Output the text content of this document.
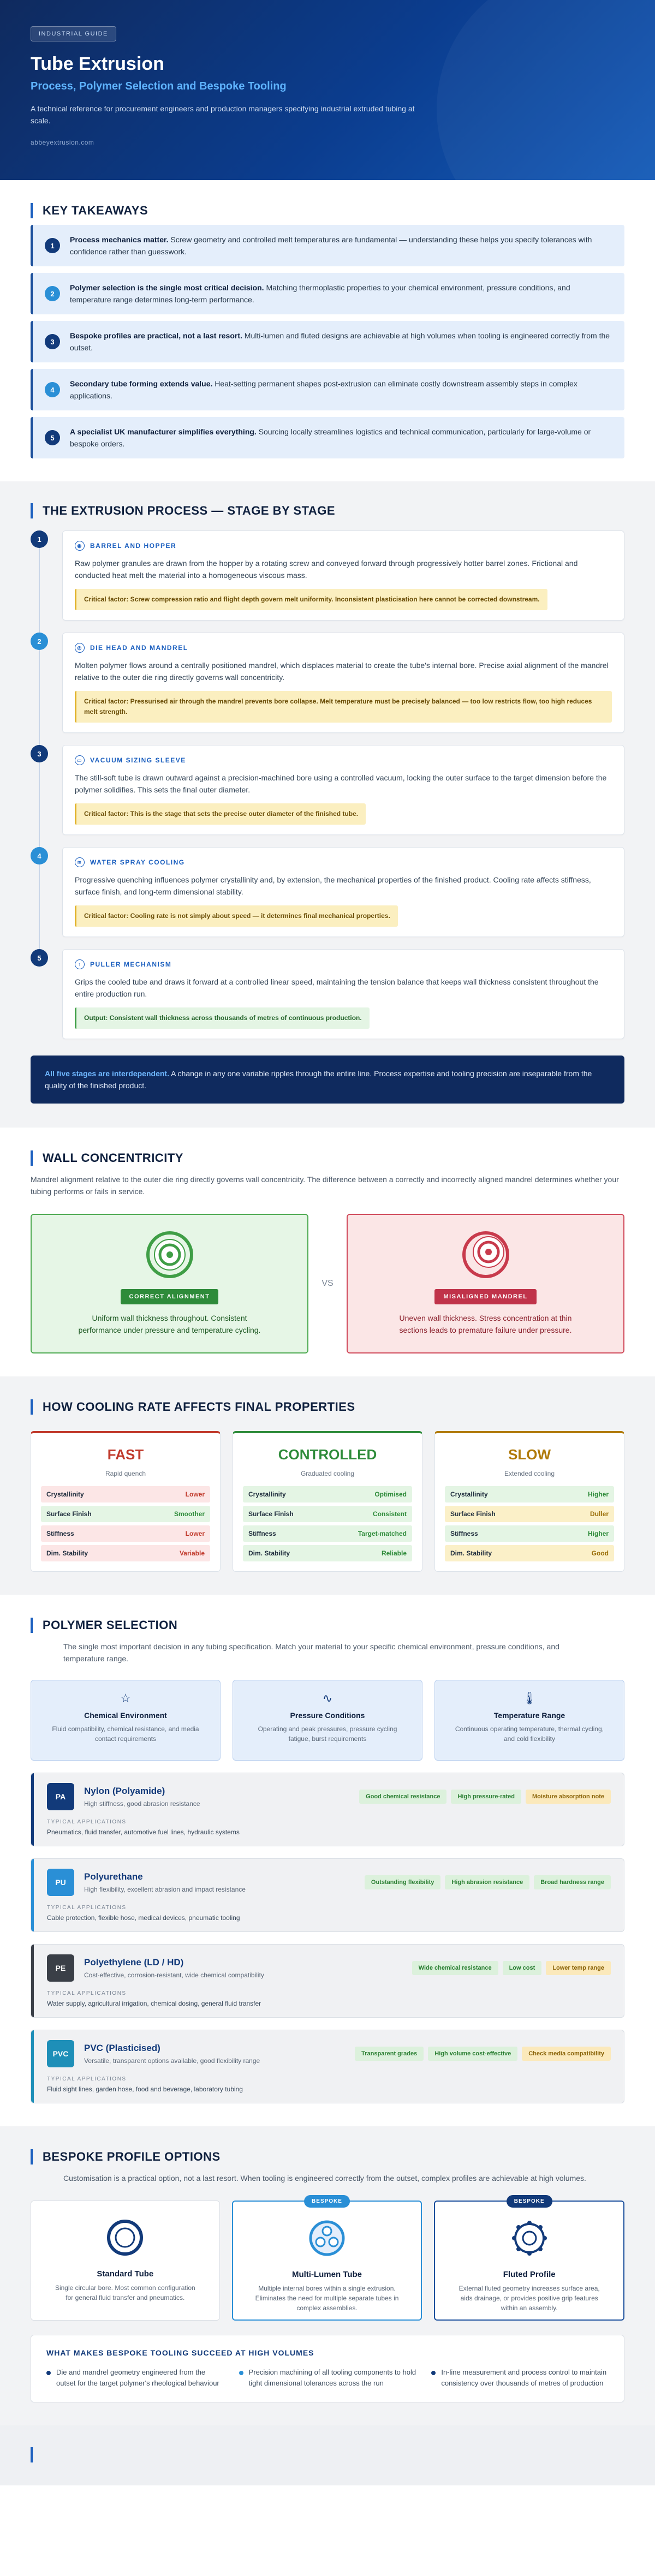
INDUSTRIAL GUIDE
Tube Extrusion
Process, Polymer Selection and Bespoke Tooling

A technical reference for procurement engineers and production managers specifying industrial extruded tubing at scale.

abbeyextrusion.com
KEY TAKEAWAYS
1
Process mechanics matter. Screw geometry and controlled melt temperatures are fundamental — understanding these helps you specify tolerances with confidence rather than guesswork.
2
Polymer selection is the single most critical decision. Matching thermoplastic properties to your chemical environment, pressure conditions, and temperature range determines long-term performance.
3
Bespoke profiles are practical, not a last resort. Multi-lumen and fluted designs are achievable at high volumes when tooling is engineered correctly from the outset.
4
Secondary tube forming extends value. Heat-setting permanent shapes post-extrusion can eliminate costly downstream assembly steps in complex applications.
5
A specialist UK manufacturer simplifies everything. Sourcing locally streamlines logistics and technical communication, particularly for large-volume or bespoke orders.
THE EXTRUSION PROCESS — STAGE BY STAGE
1
◉	BARREL AND HOPPER

Raw polymer granules are drawn from the hopper by a rotating screw and conveyed forward through progressively hotter barrel zones. Frictional and conducted heat melt the material into a homogeneous viscous mass.

Critical factor: Screw compression ratio and flight depth govern melt uniformity. Inconsistent plasticisation here cannot be corrected downstream.
2
◎	DIE HEAD AND MANDREL

Molten polymer flows around a centrally positioned mandrel, which displaces material to create the tube's internal bore. Precise axial alignment of the mandrel relative to the outer die ring directly governs wall concentricity.

Critical factor: Pressurised air through the mandrel prevents bore collapse. Melt temperature must be precisely balanced — too low restricts flow, too high reduces melt strength.
3
▭	VACUUM SIZING SLEEVE

The still-soft tube is drawn outward against a precision-machined bore using a controlled vacuum, locking the outer surface to the target dimension before the polymer solidifies. This sets the final outer diameter.

Critical factor: This is the stage that sets the precise outer diameter of the finished tube.
4
≋	WATER SPRAY COOLING

Progressive quenching influences polymer crystallinity and, by extension, the mechanical properties of the finished product. Cooling rate affects stiffness, surface finish, and long-term dimensional stability.

Critical factor: Cooling rate is not simply about speed — it determines final mechanical properties.
5
↑	PULLER MECHANISM

Grips the cooled tube and draws it forward at a controlled linear speed, maintaining the tension balance that keeps wall thickness consistent throughout the entire production run.

Output: Consistent wall thickness across thousands of metres of continuous production.
All five stages are interdependent. A change in any one variable ripples through the entire line. Process expertise and tooling precision are inseparable from the quality of the finished product.
WALL CONCENTRICITY

Mandrel alignment relative to the outer die ring directly governs wall concentricity. The difference between a correctly and incorrectly aligned mandrel determines whether your tubing performs or fails in service.

CORRECT ALIGNMENT

Uniform wall thickness throughout. Consistent performance under pressure and temperature cycling.

VS
MISALIGNED MANDREL

Uneven wall thickness. Stress concentration at thin sections leads to premature failure under pressure.

HOW COOLING RATE AFFECTS FINAL PROPERTIES
FAST
Rapid quench
Crystallinity	Lower
Surface Finish	Smoother
Stiffness	Lower
Dim. Stability	Variable
CONTROLLED
Graduated cooling
Crystallinity	Optimised
Surface Finish	Consistent
Stiffness	Target-matched
Dim. Stability	Reliable
SLOW
Extended cooling
Crystallinity	Higher
Surface Finish	Duller
Stiffness	Higher
Dim. Stability	Good
POLYMER SELECTION

The single most important decision in any tubing specification. Match your material to your specific chemical environment, pressure conditions, and temperature range.

☆
Chemical Environment

Fluid compatibility, chemical resistance, and media contact requirements

∿
Pressure Conditions

Operating and peak pressures, pressure cycling fatigue, burst requirements

🌡
Temperature Range

Continuous operating temperature, thermal cycling, and cold flexibility

PA
Nylon (Polyamide)
High stiffness, good abrasion resistance
Good chemical resistance	High pressure-rated	Moisture absorption note
TYPICAL APPLICATIONS
Pneumatics, fluid transfer, automotive fuel lines, hydraulic systems
PU
Polyurethane
High flexibility, excellent abrasion and impact resistance
Outstanding flexibility	High abrasion resistance	Broad hardness range
TYPICAL APPLICATIONS
Cable protection, flexible hose, medical devices, pneumatic tooling
PE
Polyethylene (LD / HD)
Cost-effective, corrosion-resistant, wide chemical compatibility
Wide chemical resistance	Low cost	Lower temp range
TYPICAL APPLICATIONS
Water supply, agricultural irrigation, chemical dosing, general fluid transfer
PVC
PVC (Plasticised)
Versatile, transparent options available, good flexibility range
Transparent grades	High volume cost-effective	Check media compatibility
TYPICAL APPLICATIONS
Fluid sight lines, garden hose, food and beverage, laboratory tubing
BESPOKE PROFILE OPTIONS

Customisation is a practical option, not a last resort. When tooling is engineered correctly from the outset, complex profiles are achievable at high volumes.

Standard Tube

Single circular bore. Most common configuration for general fluid transfer and pneumatics.

BESPOKE
Multi-Lumen Tube

Multiple internal bores within a single extrusion. Eliminates the need for multiple separate tubes in complex assemblies.

BESPOKE
Fluted Profile

External fluted geometry increases surface area, aids drainage, or provides positive grip features within an assembly.

WHAT MAKES BESPOKE TOOLING SUCCEED AT HIGH VOLUMES
Die and mandrel geometry engineered from the outset for the target polymer's rheological behaviour
Precision machining of all tooling components to hold tight dimensional tolerances across the run
In-line measurement and process control to maintain consistency over thousands of metres of production
